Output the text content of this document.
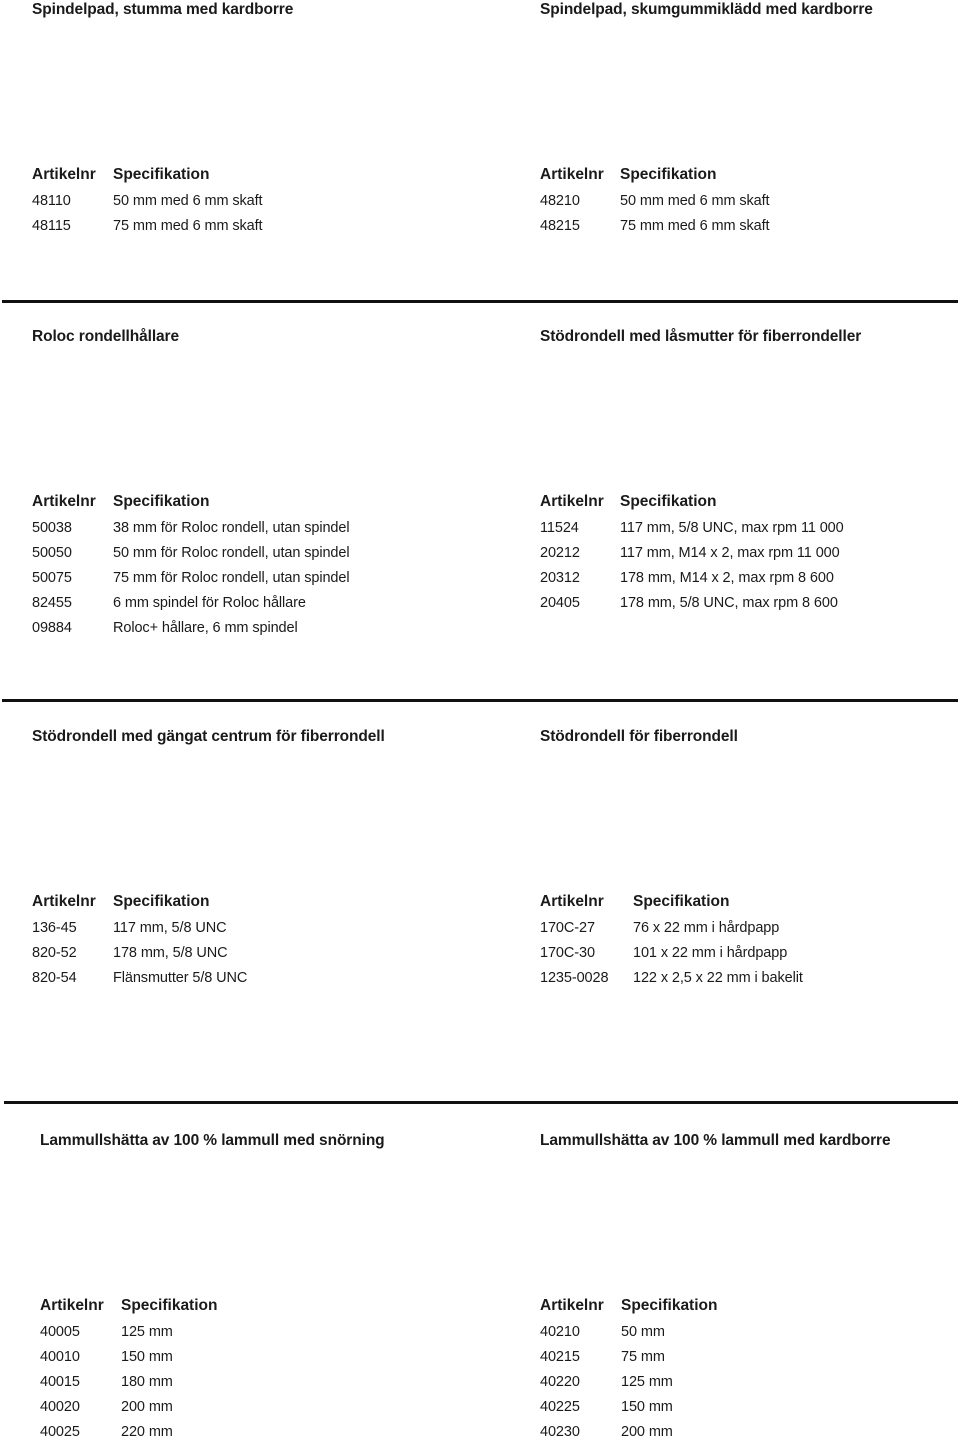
Spindelpad, stumma med kardborre	Spindelpad, skumgummiklädd med kardborre
Artikelnr Specifikation
48110	50 mm med 6 mm skaft
48115	75 mm med 6 mm skaft
Artikelnr Specifikation
48210	50 mm med 6 mm skaft
48215	75 mm med 6 mm skaft
Roloc rondellhållare	Stödrondell med låsmutter för fiberrondeller
Artikelnr Specifikation
50038	38 mm för Roloc rondell, utan spindel
50050	50 mm för Roloc rondell, utan spindel
50075	75 mm för Roloc rondell, utan spindel
82455	6 mm spindel för Roloc hållare
09884	Roloc+ hållare, 6 mm spindel
Artikelnr Specifikation
11524	117 mm, 5/8 UNC, max rpm 11 000
20212	117 mm, M14 x 2, max rpm 11 000
20312	178 mm, M14 x 2, max rpm 8 600
20405	178 mm, 5/8 UNC, max rpm 8 600
Stödrondell med gängat centrum för fiberrondell	Stödrondell för fiberrondell
Artikelnr Specifikation
136-45	117 mm, 5/8 UNC
820-52	178 mm, 5/8 UNC
820-54	Flänsmutter 5/8 UNC
Artikelnr Specifikation
170C-27	76 x 22 mm i hårdpapp
170C-30	101 x 22 mm i hårdpapp
1235-0028 122 x 2,5 x 22 mm i bakelit
Lammullshätta av 100 % lammull med snörning	Lammullshätta av 100 % lammull med kardborre
Artikelnr Specifikation
40005	125 mm
40010	150 mm
40015	180 mm
40020	200 mm
40025	220 mm
Artikelnr Specifikation
40210	50 mm
40215	75 mm
40220	125 mm
40225	150 mm
40230	200 mm
